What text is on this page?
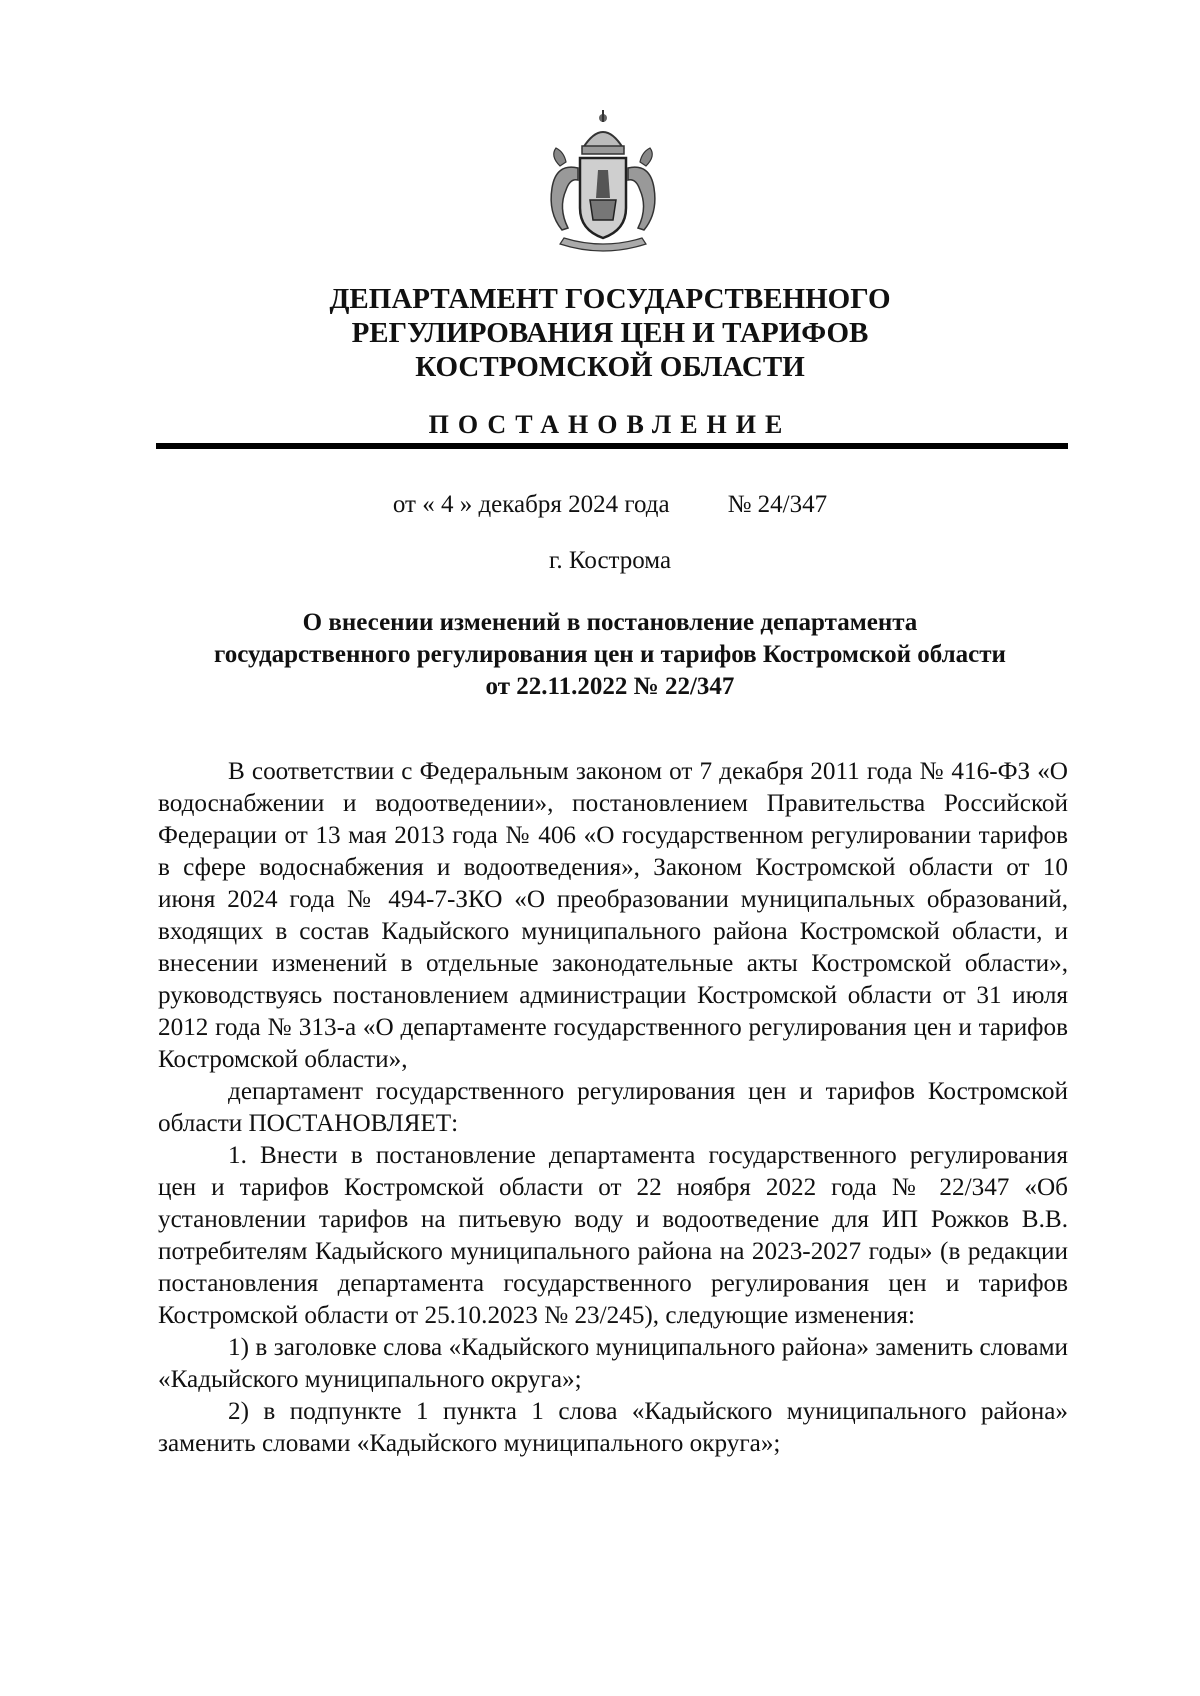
ДЕПАРТАМЕНТ ГОСУДАРСТВЕННОГО
РЕГУЛИРОВАНИЯ ЦЕН И ТАРИФОВ
КОСТРОМСКОЙ ОБЛАСТИ
ПОСТАНОВЛЕНИЕ
от « 4 » декабря 2024 года № 24/347
г. Кострома
О внесении изменений в постановление департамента
государственного регулирования цен и тарифов Костромской области
от 22.11.2022 № 22/347

В соответствии с Федеральным законом от 7 декабря 2011 года № 416-ФЗ «О водоснабжении и водоотведении», постановлением Правительства Российской Федерации от 13 мая 2013 года № 406 «О государственном регулировании тарифов в сфере водоснабжения и водоотведения», Законом Костромской области от 10 июня 2024 года № 494-7-ЗКО «О преобразовании муниципальных образований, входящих в состав Кадыйского муниципального района Костромской области, и внесении изменений в отдельные законодательные акты Костромской области», руководствуясь постановлением администрации Костромской области от 31 июля 2012 года № 313-а «О департаменте государственного регулирования цен и тарифов Костромской области»,

департамент государственного регулирования цен и тарифов Костромской области ПОСТАНОВЛЯЕТ:

1. Внести в постановление департамента государственного регулирования цен и тарифов Костромской области от 22 ноября 2022 года № 22/347 «Об установлении тарифов на питьевую воду и водоотведение для ИП Рожков В.В. потребителям Кадыйского муниципального района на 2023-2027 годы» (в редакции постановления департамента государственного регулирования цен и тарифов Костромской области от 25.10.2023 № 23/245), следующие изменения:

1) в заголовке слова «Кадыйского муниципального района» заменить словами «Кадыйского муниципального округа»;

2) в подпункте 1 пункта 1 слова «Кадыйского муниципального района» заменить словами «Кадыйского муниципального округа»;
